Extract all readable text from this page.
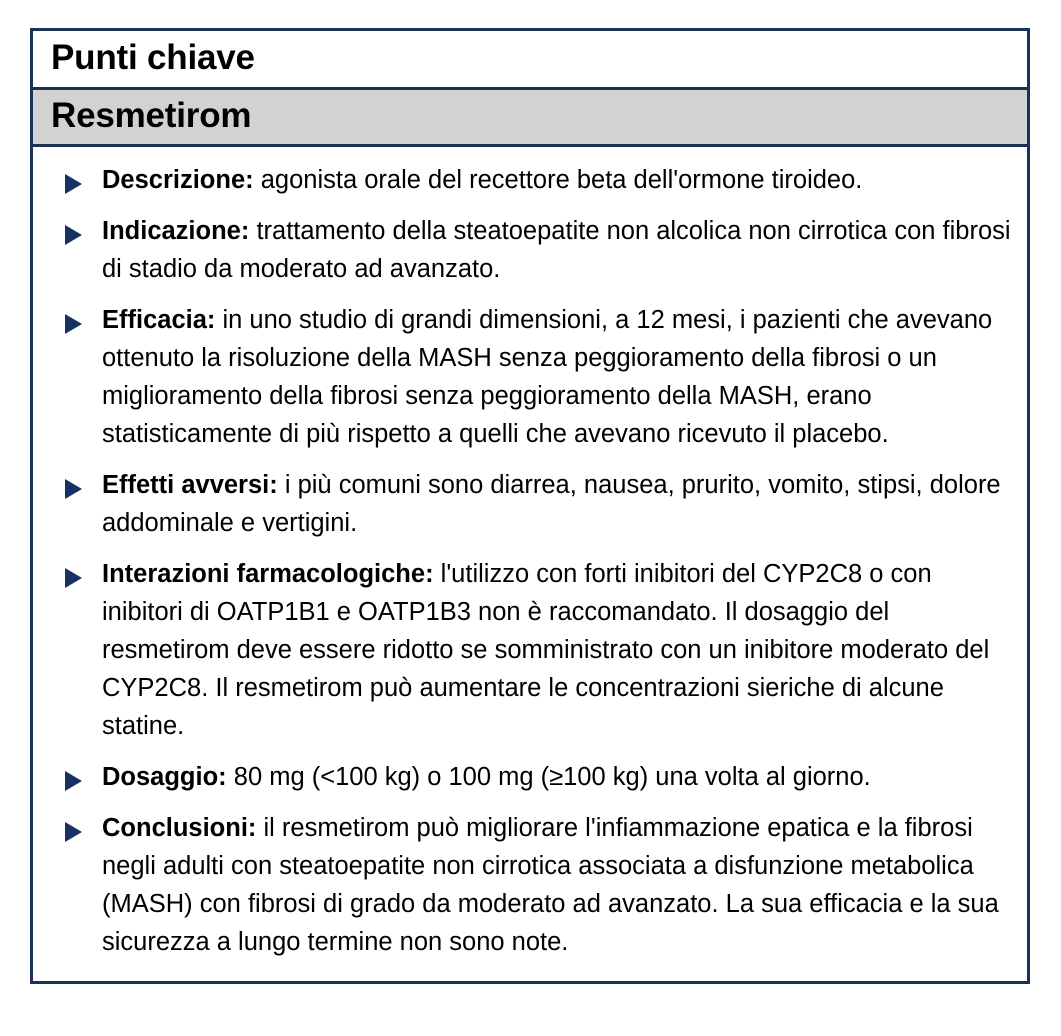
Punti chiave
Resmetirom
Descrizione: agonista orale del recettore beta dell'ormone tiroideo.
Indicazione: trattamento della steatoepatite non alcolica non cirrotica con fibrosi di stadio da moderato ad avanzato.
Efficacia: in uno studio di grandi dimensioni, a 12 mesi, i pazienti che avevano ottenuto la risoluzione della MASH senza peggioramento della fibrosi o un miglioramento della fibrosi senza peggioramento della MASH, erano statisticamente di più rispetto a quelli che avevano ricevuto il placebo.
Effetti avversi: i più comuni sono diarrea, nausea, prurito, vomito, stipsi, dolore addominale e vertigini.
Interazioni farmacologiche: l'utilizzo con forti inibitori del CYP2C8 o con inibitori di OATP1B1 e OATP1B3 non è raccomandato. Il dosaggio del resmetirom deve essere ridotto se somministrato con un inibitore moderato del CYP2C8. Il resmetirom può aumentare le concentrazioni sieriche di alcune statine.
Dosaggio: 80 mg (<100 kg) o 100 mg (≥100 kg) una volta al giorno.
Conclusioni: il resmetirom può migliorare l'infiammazione epatica e la fibrosi negli adulti con steatoepatite non cirrotica associata a disfunzione metabolica (MASH) con fibrosi di grado da moderato ad avanzato. La sua efficacia e la sua sicurezza a lungo termine non sono note.
